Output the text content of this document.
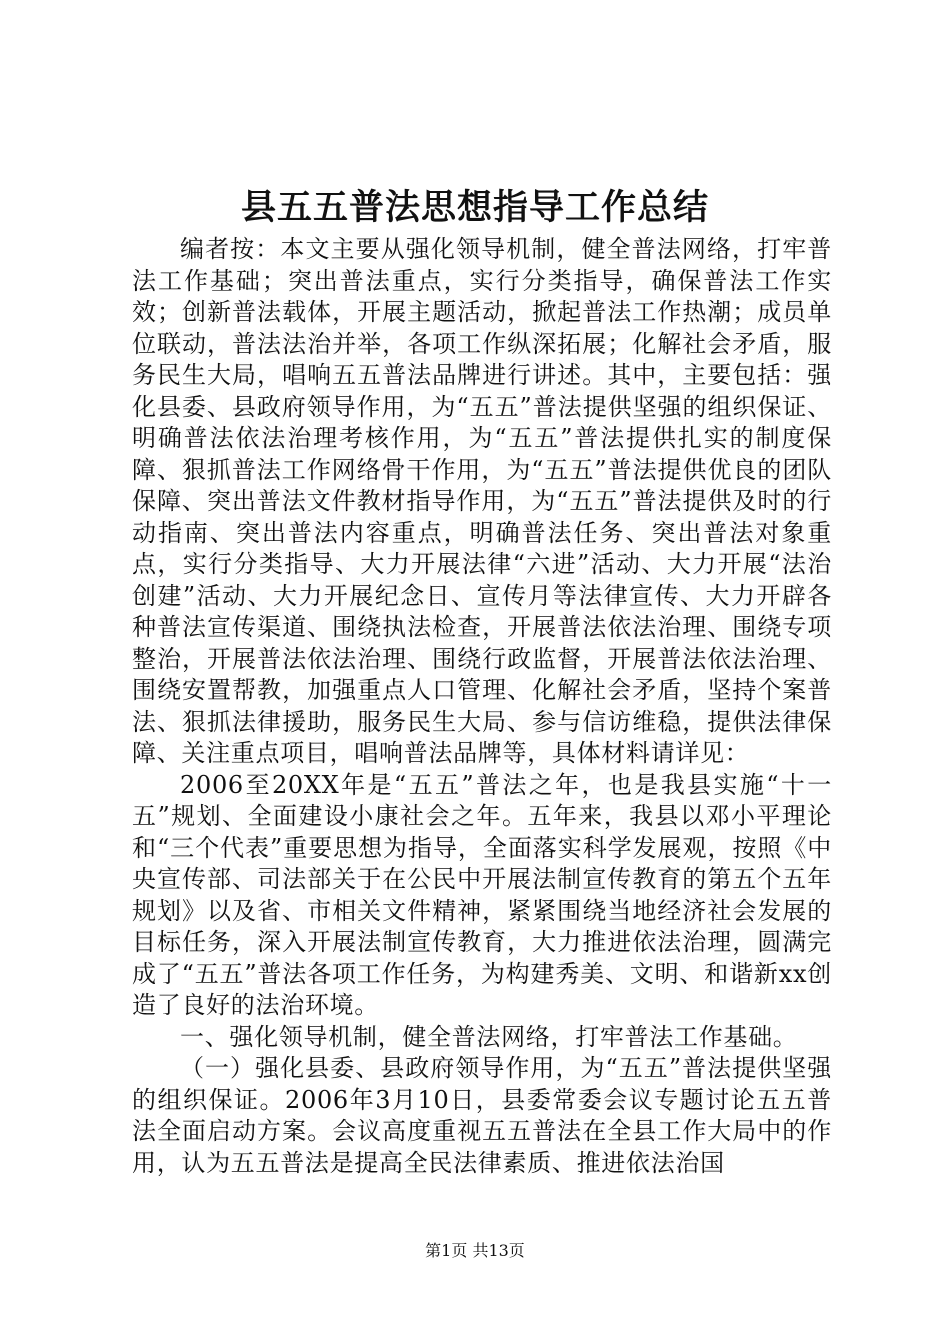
县五五普法思想指导工作总结

编者按：本文主要从强化领导机制，健全普法网络，打牢普法工作基础；突出普法重点，实行分类指导，确保普法工作实效；创新普法载体，开展主题活动，掀起普法工作热潮；成员单位联动，普法法治并举，各项工作纵深拓展；化解社会矛盾，服务民生大局，唱响五五普法品牌进行讲述。其中，主要包括：强化县委、县政府领导作用，为“五五”普法提供坚强的组织保证、明确普法依法治理考核作用，为“五五”普法提供扎实的制度保障、狠抓普法工作网络骨干作用，为“五五”普法提供优良的团队保障、突出普法文件教材指导作用，为“五五”普法提供及时的行动指南、突出普法内容重点，明确普法任务、突出普法对象重点，实行分类指导、大力开展法律“六进”活动、大力开展“法治创建”活动、大力开展纪念日、宣传月等法律宣传、大力开辟各种普法宣传渠道、围绕执法检查，开展普法依法治理、围绕专项整治，开展普法依法治理、围绕行政监督，开展普法依法治理、围绕安置帮教，加强重点人口管理、化解社会矛盾，坚持个案普法、狠抓法律援助，服务民生大局、参与信访维稳，提供法律保障、关注重点项目，唱响普法品牌等，具体材料请详见：

2006至20XX年是“五五”普法之年，也是我县实施“十一五”规划、全面建设小康社会之年。五年来，我县以邓小平理论和“三个代表”重要思想为指导，全面落实科学发展观，按照《中央宣传部、司法部关于在公民中开展法制宣传教育的第五个五年规划》以及省、市相关文件精神，紧紧围绕当地经济社会发展的目标任务，深入开展法制宣传教育，大力推进依法治理，圆满完成了“五五”普法各项工作任务，为构建秀美、文明、和谐新xx创造了良好的法治环境。

一、强化领导机制，健全普法网络，打牢普法工作基础。

（一）强化县委、县政府领导作用，为“五五”普法提供坚强的组织保证。2006年3月10日，县委常委会议专题讨论五五普法全面启动方案。会议高度重视五五普法在全县工作大局中的作用，认为五五普法是提高全民法律素质、推进依法治国

第1页 共13页
